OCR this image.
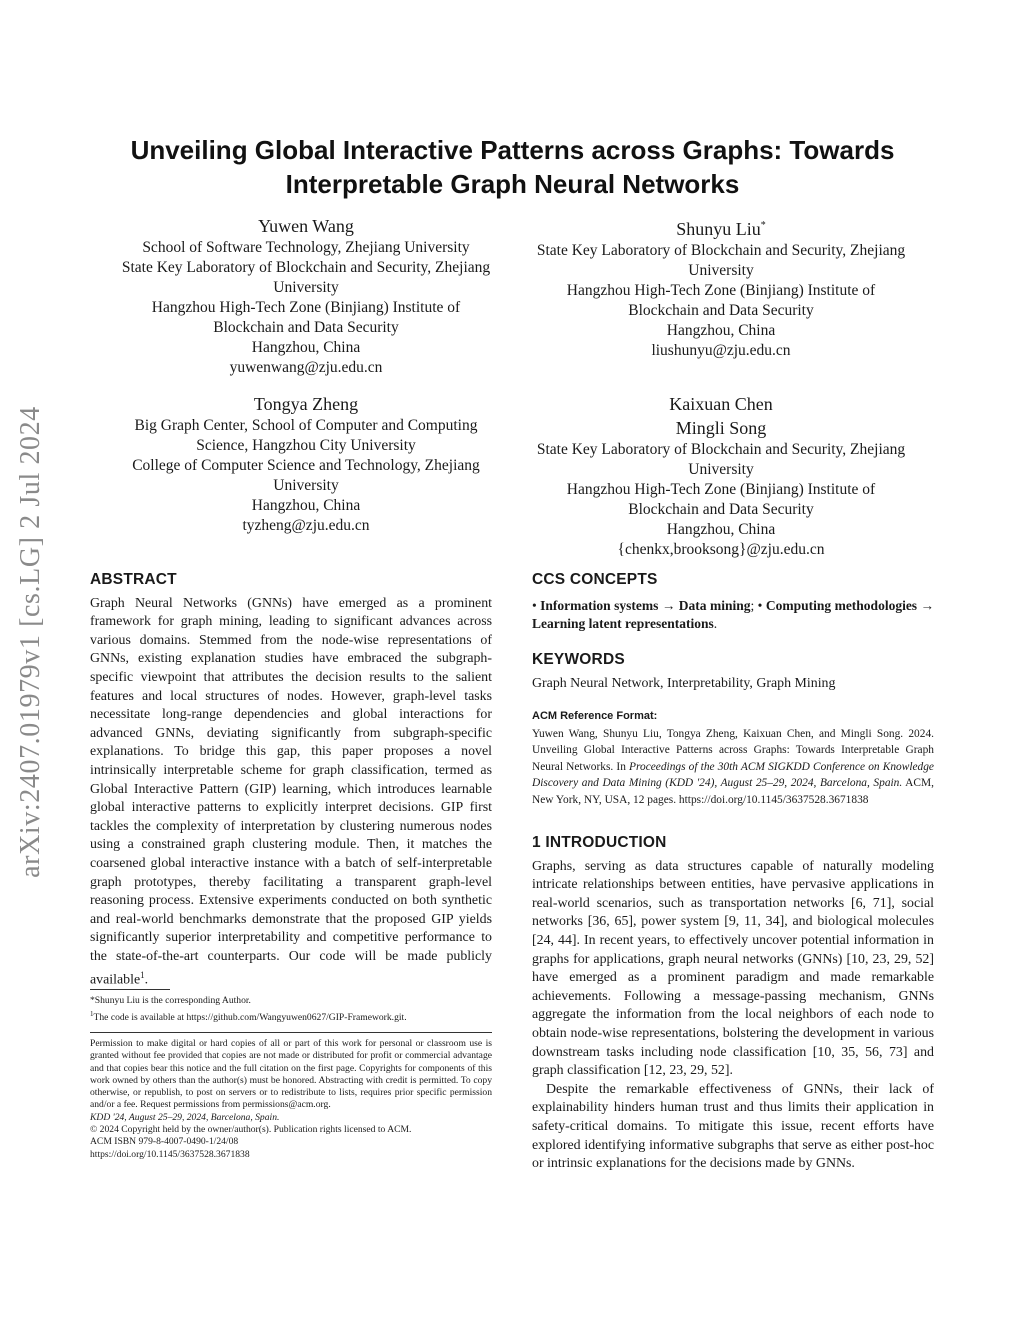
arXiv:2407.01979v1 [cs.LG] 2 Jul 2024
Unveiling Global Interactive Patterns across Graphs: Towards
Interpretable Graph Neural Networks
Yuwen Wang
School of Software Technology, Zhejiang University
State Key Laboratory of Blockchain and Security, Zhejiang
University
Hangzhou High-Tech Zone (Binjiang) Institute of
Blockchain and Data Security
Hangzhou, China
yuwenwang@zju.edu.cn
Shunyu Liu*
State Key Laboratory of Blockchain and Security, Zhejiang
University
Hangzhou High-Tech Zone (Binjiang) Institute of
Blockchain and Data Security
Hangzhou, China
liushunyu@zju.edu.cn
Tongya Zheng
Big Graph Center, School of Computer and Computing
Science, Hangzhou City University
College of Computer Science and Technology, Zhejiang
University
Hangzhou, China
tyzheng@zju.edu.cn
Kaixuan Chen
Mingli Song
State Key Laboratory of Blockchain and Security, Zhejiang
University
Hangzhou High-Tech Zone (Binjiang) Institute of
Blockchain and Data Security
Hangzhou, China
{chenkx,brooksong}@zju.edu.cn
ABSTRACT

Graph Neural Networks (GNNs) have emerged as a prominent framework for graph mining, leading to significant advances across various domains. Stemmed from the node-wise representations of GNNs, existing explanation studies have embraced the subgraph-specific viewpoint that attributes the decision results to the salient features and local structures of nodes. However, graph-level tasks necessitate long-range dependencies and global interactions for advanced GNNs, deviating significantly from subgraph-specific explanations. To bridge this gap, this paper proposes a novel intrinsically interpretable scheme for graph classification, termed as Global Interactive Pattern (GIP) learning, which introduces learnable global interactive patterns to explicitly interpret decisions. GIP first tackles the complexity of interpretation by clustering numerous nodes using a constrained graph clustering module. Then, it matches the coarsened global interactive instance with a batch of self-interpretable graph prototypes, thereby facilitating a transparent graph-level reasoning process. Extensive experiments conducted on both synthetic and real-world benchmarks demonstrate that the proposed GIP yields significantly superior interpretability and competitive performance to the state-of-the-art counterparts. Our code will be made publicly available$^1$.

*Shunyu Liu is the corresponding Author.
$^1$The code is available at https://github.com/Wangyuwen0627/GIP-Framework.git.
Permission to make digital or hard copies of all or part of this work for personal or classroom use is granted without fee provided that copies are not made or distributed for profit or commercial advantage and that copies bear this notice and the full citation on the first page. Copyrights for components of this work owned by others than the author(s) must be honored. Abstracting with credit is permitted. To copy otherwise, or republish, to post on servers or to redistribute to lists, requires prior specific permission and/or a fee. Request permissions from permissions@acm.org.
KDD '24, August 25–29, 2024, Barcelona, Spain.
© 2024 Copyright held by the owner/author(s). Publication rights licensed to ACM.
ACM ISBN 979-8-4007-0490-1/24/08
https://doi.org/10.1145/3637528.3671838
CCS CONCEPTS

• Information systems → Data mining; • Computing methodologies → Learning latent representations.

KEYWORDS

Graph Neural Network, Interpretability, Graph Mining

ACM Reference Format:

Yuwen Wang, Shunyu Liu, Tongya Zheng, Kaixuan Chen, and Mingli Song. 2024. Unveiling Global Interactive Patterns across Graphs: Towards Interpretable Graph Neural Networks. In Proceedings of the 30th ACM SIGKDD Conference on Knowledge Discovery and Data Mining (KDD '24), August 25–29, 2024, Barcelona, Spain. ACM, New York, NY, USA, 12 pages. https://doi.org/10.1145/3637528.3671838

1 INTRODUCTION

Graphs, serving as data structures capable of naturally modeling intricate relationships between entities, have pervasive applications in real-world scenarios, such as transportation networks [6, 71], social networks [36, 65], power system [9, 11, 34], and biological molecules [24, 44]. In recent years, to effectively uncover potential information in graphs for applications, graph neural networks (GNNs) [10, 23, 29, 52] have emerged as a prominent paradigm and made remarkable achievements. Following a message-passing mechanism, GNNs aggregate the information from the local neighbors of each node to obtain node-wise representations, bolstering the development in various downstream tasks including node classification [10, 35, 56, 73] and graph classification [12, 23, 29, 52].

Despite the remarkable effectiveness of GNNs, their lack of explainability hinders human trust and thus limits their application in safety-critical domains. To mitigate this issue, recent efforts have explored identifying informative subgraphs that serve as either post-hoc or intrinsic explanations for the decisions made by GNNs.
